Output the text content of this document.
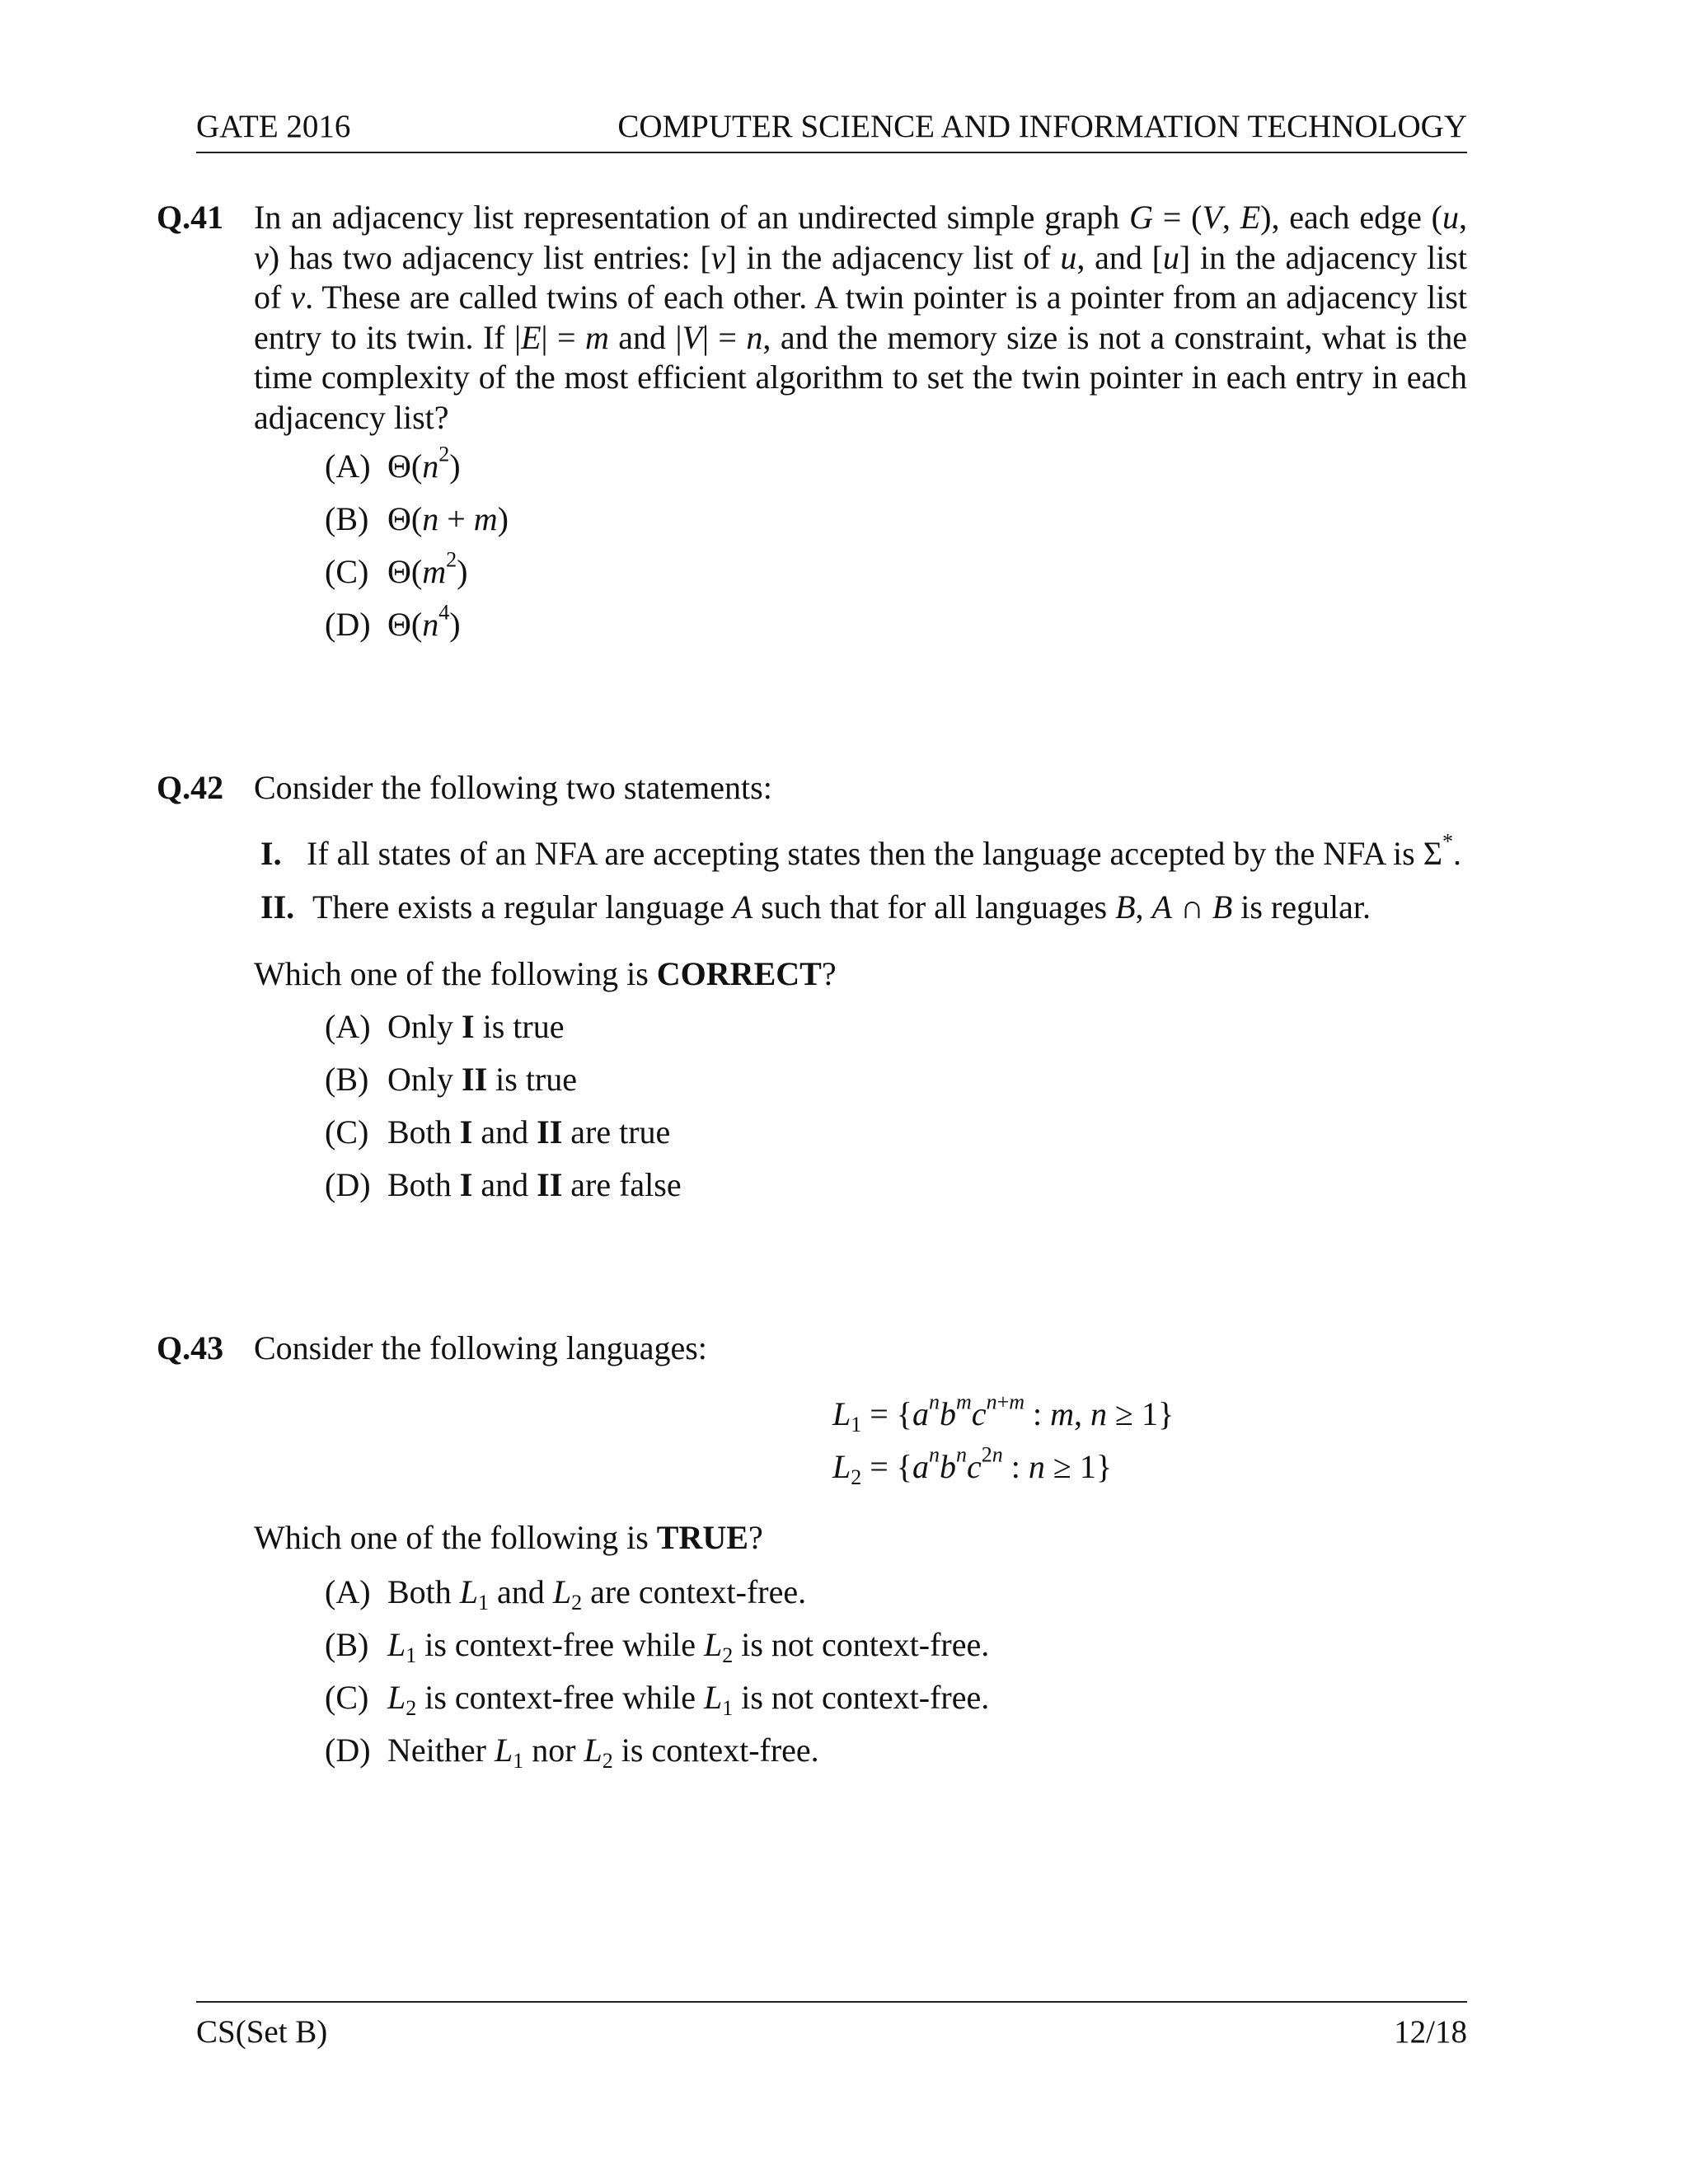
GATE 2016	COMPUTER SCIENCE AND INFORMATION TECHNOLOGY
Q.41 In an adjacency list representation of an undirected simple graph G = (V, E), each edge (u, v) has two adjacency list entries: [v] in the adjacency list of u, and [u] in the adjacency list of v. These are called twins of each other. A twin pointer is a pointer from an adjacency list entry to its twin. If |E| = m and |V| = n, and the memory size is not a constraint, what is the time complexity of the most efficient algorithm to set the twin pointer in each entry in each adjacency list?
(A) $\Theta(n^2)$
(B) Θ(n + m)
(C) $\Theta(m^2)$
(D) $\Theta(n^4)$
Q.42 Consider the following two statements:
I. If all states of an NFA are accepting states then the language accepted by the NFA is Σ*.
II. There exists a regular language A such that for all languages B, A ∩ B is regular.
Which one of the following is CORRECT?
(A) Only I is true
(B) Only II is true
(C) Both I and II are true
(D) Both I and II are false
Q.43 Consider the following languages:
$L_1 = \{a^nb^mc^{n+m}$ : m, n ≥ 1}
$L_2 = \{a^nb^nc^{2n}$ : n ≥ 1}
Which one of the following is TRUE?
(A) Both $L_1$ and $L_2$ are context-free.
(B) $L_1$ is context-free while $L_2$ is not context-free.
(C) $L_2$ is context-free while $L_1$ is not context-free.
(D) Neither $L_1$ nor $L_2$ is context-free.
CS(Set B)	12/18
